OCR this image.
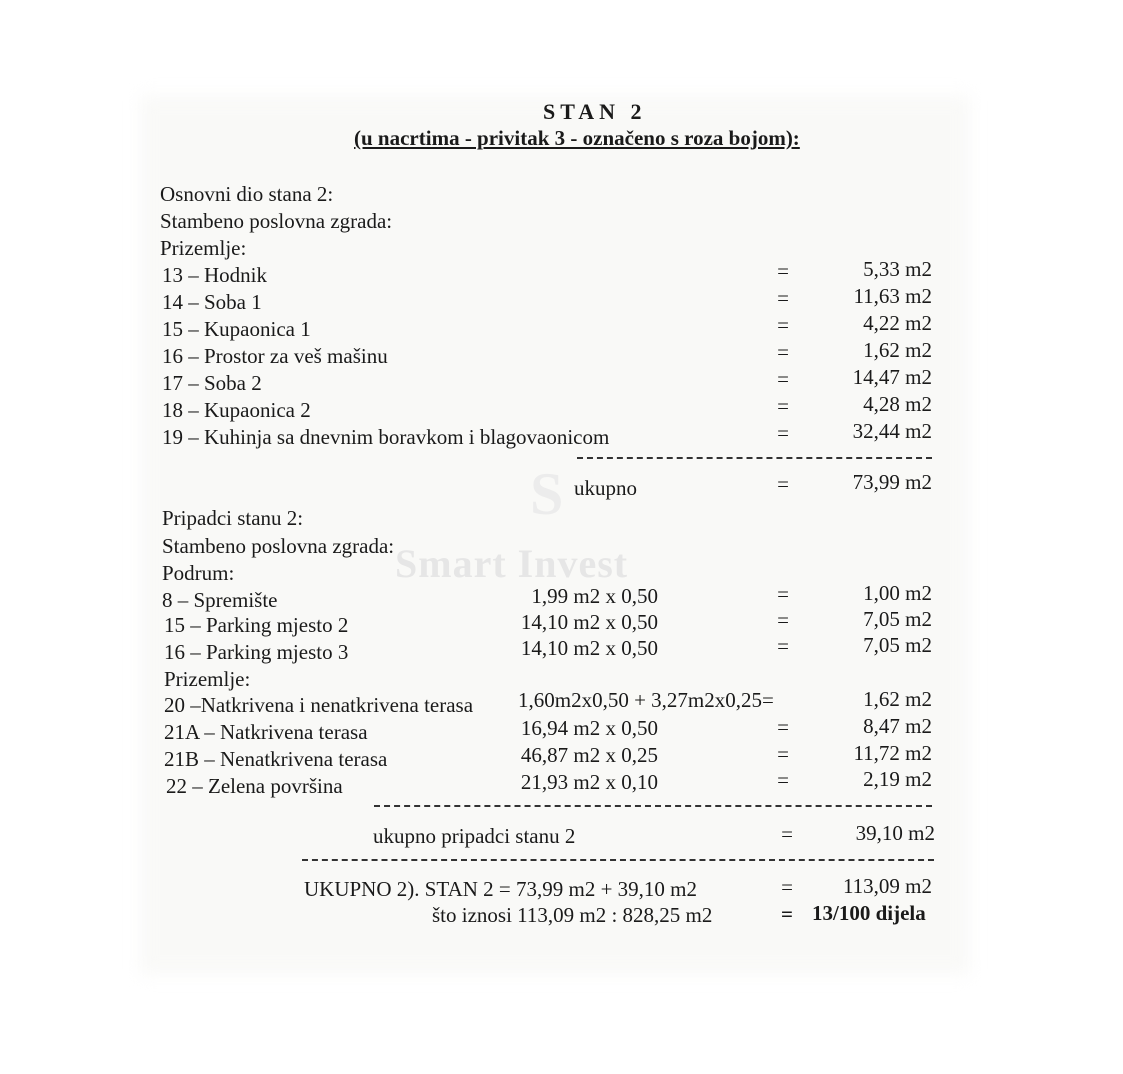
S
Smart Invest
STAN 2
(u nacrtima - privitak 3 - označeno s roza bojom):
Osnovni dio stana 2:
Stambeno poslovna zgrada:
Prizemlje:
13 – Hodnik	=	5,33 m2
14 – Soba 1	=	11,63 m2
15 – Kupaonica 1	=	4,22 m2
16 – Prostor za veš mašinu	=	1,62 m2
17 – Soba 2	=	14,47 m2
18 – Kupaonica 2	=	4,28 m2
19 – Kuhinja sa dnevnim boravkom i blagovaonicom	=	32,44 m2
ukupno	=	73,99 m2
Pripadci stanu 2:
Stambeno poslovna zgrada:
Podrum:
8 – Spremište	1,99 m2 x 0,50	=	1,00 m2
15 – Parking mjesto 2	14,10 m2 x 0,50	=	7,05 m2
16 – Parking mjesto 3	14,10 m2 x 0,50	=	7,05 m2
Prizemlje:
20 –Natkrivena i nenatkrivena terasa 1,60m2x0,50 + 3,27m2x0,25=	1,62 m2
21A – Natkrivena terasa	16,94 m2 x 0,50	=	8,47 m2
21B – Nenatkrivena terasa	46,87 m2 x 0,25	=	11,72 m2
22 – Zelena površina	21,93 m2 x 0,10	=	2,19 m2
ukupno pripadci stanu 2	=	39,10 m2
UKUPNO 2). STAN 2 = 73,99 m2 + 39,10 m2	=	113,09 m2
što iznosi 113,09 m2 : 828,25 m2	= 13/100 dijela
